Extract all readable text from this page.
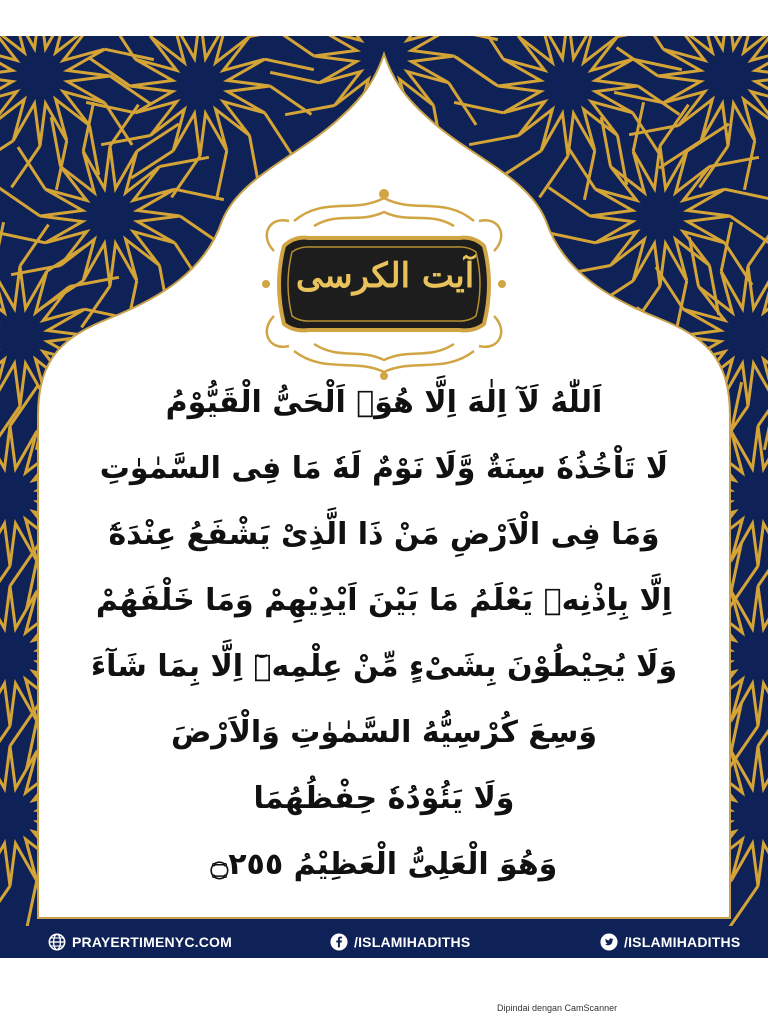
آیت الکرسی
اَللّٰهُ لَآ اِلٰهَ اِلَّا هُوَۚ اَلْحَیُّ الْقَیُّوْمُ
لَا تَاْخُذُهٗ سِنَةٌ وَّلَا نَوْمٌ لَهٗ مَا فِی السَّمٰوٰتِ
وَمَا فِی الْاَرْضِ مَنْ ذَا الَّذِیْ یَشْفَعُ عِنْدَهٗٓ
اِلَّا بِاِذْنِهٖ یَعْلَمُ مَا بَیْنَ اَیْدِیْهِمْ وَمَا خَلْفَهُمْ
وَلَا یُحِیْطُوْنَ بِشَیْءٍ مِّنْ عِلْمِهٖٓ اِلَّا بِمَا شَآءَ
وَسِعَ كُرْسِیُّهُ السَّمٰوٰتِ وَالْاَرْضَ
وَلَا یَئُوْدُهٗ حِفْظُهُمَا
وَهُوَ الْعَلِیُّ الْعَظِیْمُ ۝٢٥٥
PRAYERTIMENYC.COM	/ISLAMIHADITHS	/ISLAMIHADITHS
Dipindai dengan CamScanner
